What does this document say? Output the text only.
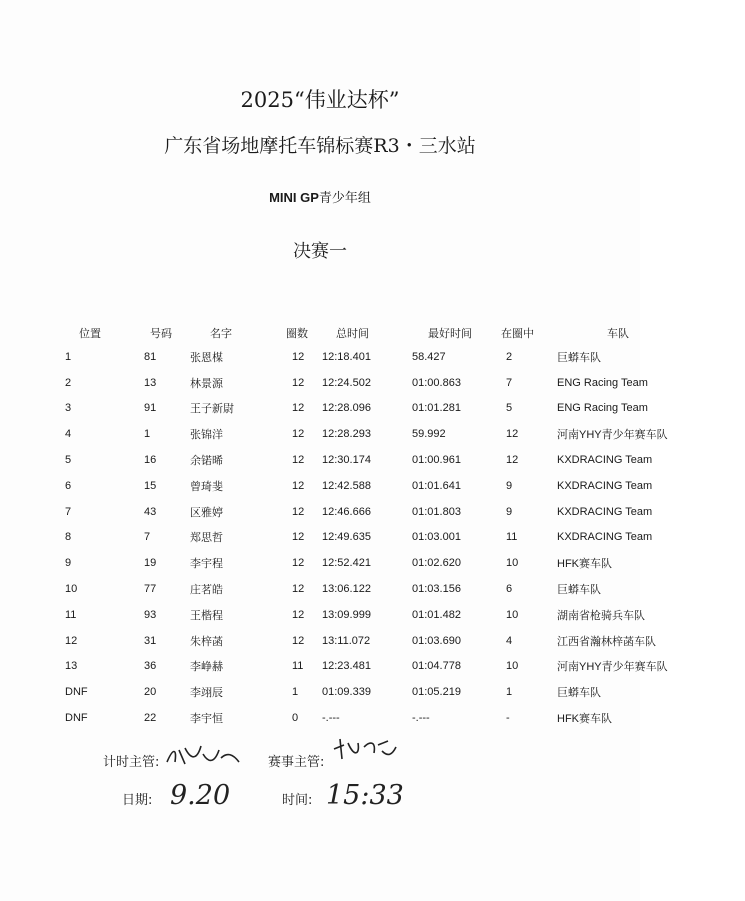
2025“伟业达杯”
广东省场地摩托车锦标赛R3・三水站
MINI GP青少年组
决赛一
位置	号码	名字	圈数	总时间	最好时间	在圈中	车队
1	81	张恩楳	12	12:18.401	58.427	2	巨蟒车队
2	13	林景源	12	12:24.502	01:00.863	7	ENG Racing Team
3	91	王子新尉	12	12:28.096	01:01.281	5	ENG Racing Team
4	1	张锦洋	12	12:28.293	59.992	12	河南YHY青少年赛车队
5	16	余锘晞	12	12:30.174	01:00.961	12	KXDRACING Team
6	15	曾琦斐	12	12:42.588	01:01.641	9	KXDRACING Team
7	43	区雅婷	12	12:46.666	01:01.803	9	KXDRACING Team
8	7	郑思哲	12	12:49.635	01:03.001	11	KXDRACING Team
9	19	李宇程	12	12:52.421	01:02.620	10	HFK赛车队
10	77	庄茗皓	12	13:06.122	01:03.156	6	巨蟒车队
11	93	王楷程	12	13:09.999	01:01.482	10	湖南省枪骑兵车队
12	31	朱梓菡	12	13:11.072	01:03.690	4	江西省瀚林梓菡车队
13	36	李峥赫	11	12:23.481	01:04.778	10	河南YHY青少年赛车队
DNF	20	李翊辰	1	01:09.339	01:05.219	1	巨蟒车队
DNF	22	李宇恒	0	-.---	-.---	-	HFK赛车队
计时主管:	赛事主管:
日期: 9.20	时间: 15:33
